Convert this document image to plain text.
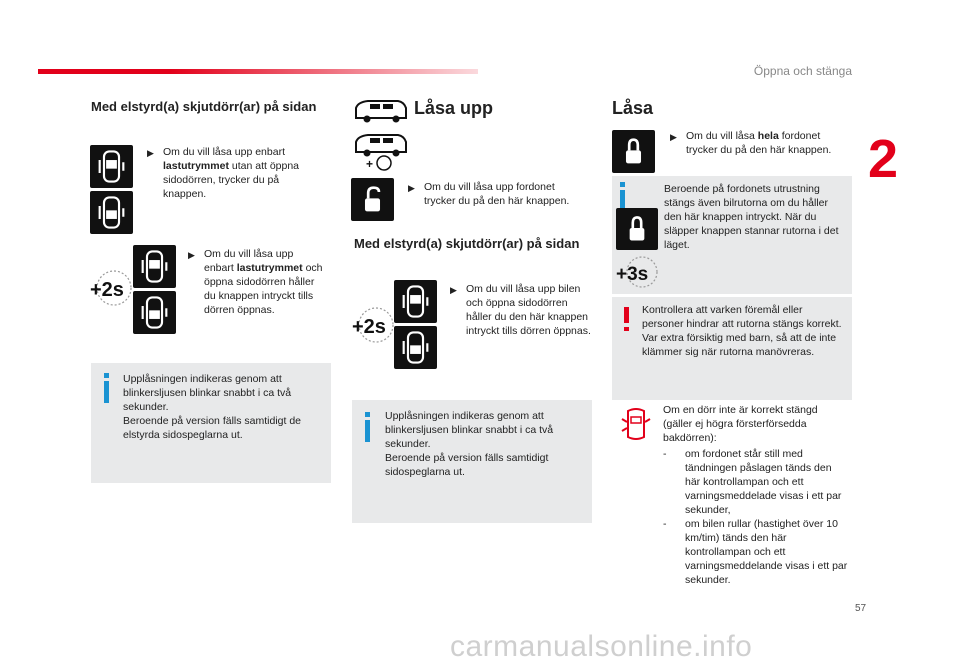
Öppna och stänga
2
57
carmanualsonline.info
Med elstyrd(a) skjutdörr(ar) på sidan
▶ Om du vill låsa upp enbart lastutrymmet utan att öppna sidodörren, trycker du på knappen.
+2s
▶ Om du vill låsa upp enbart lastutrymmet och öppna sidodörren håller du knappen intryckt tills dörren öppnas.
Upplåsningen indikeras genom att blinkersljusen blinkar snabbt i ca två sekunder.
Beroende på version fälls samtidigt de elstyrda sidospeglarna ut.
Låsa upp
+
▶ Om du vill låsa upp fordonet trycker du på den här knappen.
Med elstyrd(a) skjutdörr(ar) på sidan
+2s
▶ Om du vill låsa upp bilen och öppna sidodörren håller du den här knappen intryckt tills dörren öppnas.
Upplåsningen indikeras genom att blinkersljusen blinkar snabbt i ca två sekunder.
Beroende på version fälls samtidigt sidospeglarna ut.
Låsa
▶ Om du vill låsa hela fordonet trycker du på den här knappen.
+3s
Beroende på fordonets utrustning stängs även bilrutorna om du håller den här knappen intryckt. När du släpper knappen stannar rutorna i det läget.
Kontrollera att varken föremål eller personer hindrar att rutorna stängs korrekt.
Var extra försiktig med barn, så att de inte klämmer sig när rutorna manövreras.
Om en dörr inte är korrekt stängd (gäller ej högra försterförsedda bakdörren):
- om fordonet står still med tändningen påslagen tänds den här kontrollampan och ett varningsmeddelade visas i ett par sekunder,
- om bilen rullar (hastighet över 10 km/tim) tänds den här kontrollampan och ett varningsmeddelande visas i ett par sekunder.
